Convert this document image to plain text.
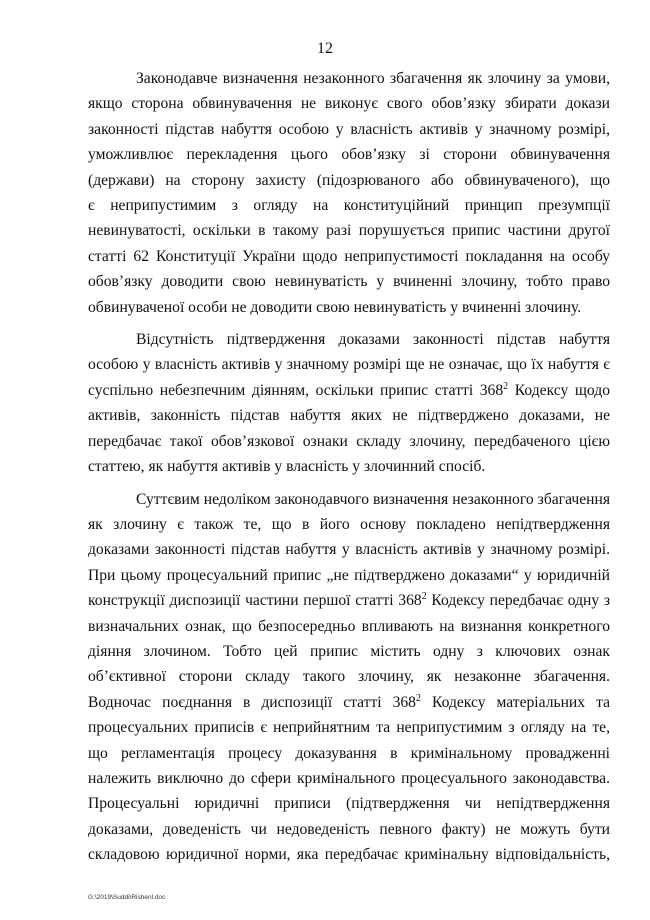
12

Законодавче визначення незаконного збагачення як злочину за умови,
якщо сторона обвинувачення не виконує свого обов’язку збирати докази
законності підстав набуття особою у власність активів у значному розмірі,
уможливлює перекладення цього обов’язку зі сторони обвинувачення
(держави) на сторону захисту (підозрюваного або обвинуваченого), що
є неприпустимим з огляду на конституційний принцип презумпції
невинуватості, оскільки в такому разі порушується припис частини другої
статті 62 Конституції України щодо неприпустимості покладання на особу
обов’язку доводити свою невинуватість у вчиненні злочину, тобто право
обвинуваченої особи не доводити свою невинуватість у вчиненні злочину.

Відсутність підтвердження доказами законності підстав набуття
особою у власність активів у значному розмірі ще не означає, що їх набуття є
суспільно небезпечним діянням, оскільки припис статті $368^2$ Кодексу щодо
активів, законність підстав набуття яких не підтверджено доказами, не
передбачає такої обов’язкової ознаки складу злочину, передбаченого цією
статтею, як набуття активів у власність у злочинний спосіб.

Суттєвим недоліком законодавчого визначення незаконного збагачення
як злочину є також те, що в його основу покладено непідтвердження
доказами законності підстав набуття у власність активів у значному розмірі.
При цьому процесуальний припис „не підтверджено доказами“ у юридичній
конструкції диспозиції частини першої статті $368^2$ Кодексу передбачає одну з
визначальних ознак, що безпосередньо впливають на визнання конкретного
діяння злочином. Тобто цей припис містить одну з ключових ознак
об’єктивної сторони складу такого злочину, як незаконне збагачення.
Водночас поєднання в диспозиції статті $368^2$ Кодексу матеріальних та
процесуальних приписів є неприйнятним та неприпустимим з огляду на те,
що регламентація процесу доказування в кримінальному провадженні
належить виключно до сфери кримінального процесуального законодавства.
Процесуальні юридичні приписи (підтвердження чи непідтвердження
доказами, доведеність чи недоведеність певного факту) не можуть бути
складовою юридичної норми, яка передбачає кримінальну відповідальність,

G:\2019\Suddi\Rishenl.doc
